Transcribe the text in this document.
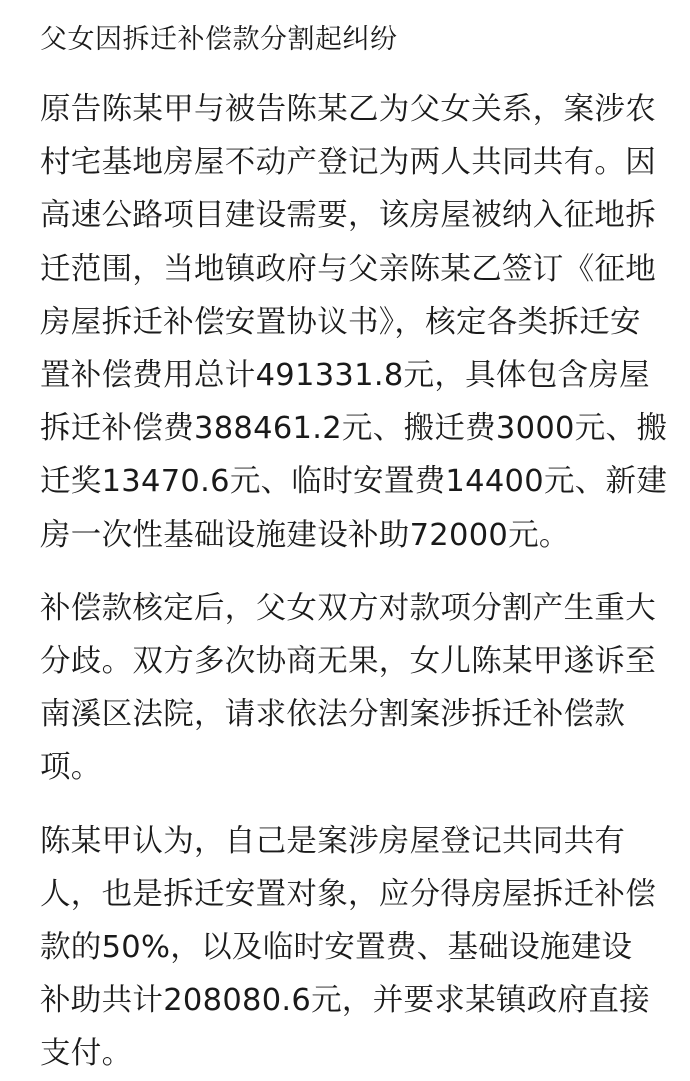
父女因拆迁补偿款分割起纠纷

原告陈某甲与被告陈某乙为父女关系，案涉农
村宅基地房屋不动产登记为两人共同共有。因
高速公路项目建设需要，该房屋被纳入征地拆
迁范围，当地镇政府与父亲陈某乙签订《征地
房屋拆迁补偿安置协议书》，核定各类拆迁安
置补偿费用总计491331.8元，具体包含房屋
拆迁补偿费388461.2元、搬迁费3000元、搬
迁奖13470.6元、临时安置费14400元、新建
房一次性基础设施建设补助72000元。

补偿款核定后，父女双方对款项分割产生重大
分歧。双方多次协商无果，女儿陈某甲遂诉至
南溪区法院，请求依法分割案涉拆迁补偿款
项。

陈某甲认为，自己是案涉房屋登记共同共有
人，也是拆迁安置对象，应分得房屋拆迁补偿
款的50%，以及临时安置费、基础设施建设
补助共计208080.6元，并要求某镇政府直接
支付。
